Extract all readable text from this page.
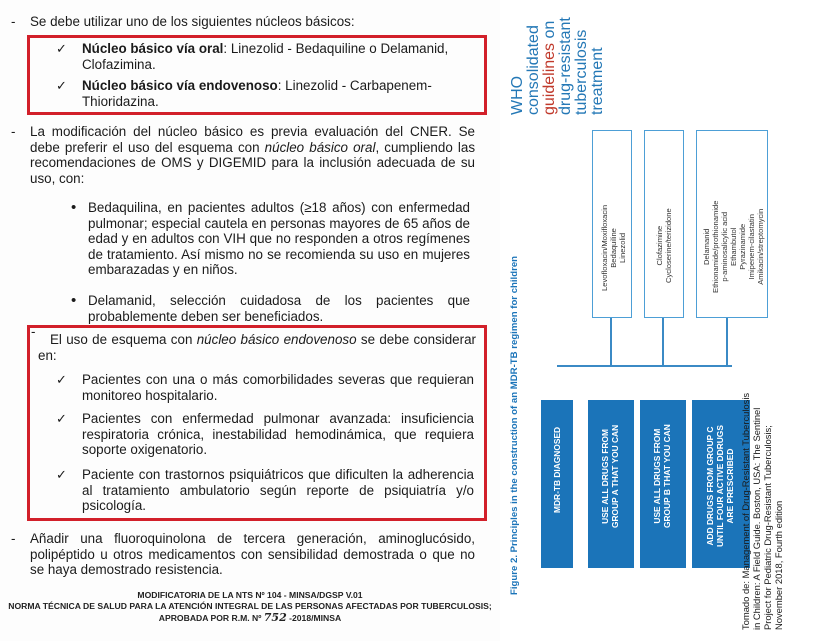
- Se debe utilizar uno de los siguientes núcleos básicos:
✓	Núcleo básico vía oral: Linezolid - Bedaquiline o Delamanid,
Clofazimina.
✓	Núcleo básico vía endovenoso: Linezolid - Carbapenem-
Thioridazina.
- La modificación del núcleo básico es previa evaluación del CNER. Se debe preferir el uso del esquema con núcleo básico oral, cumpliendo las recomendaciones de OMS y DIGEMID para la inclusión adecuada de su uso, con:
• Bedaquilina, en pacientes adultos (≥18 años) con enfermedad pulmonar; especial cautela en personas mayores de 65 años de edad y en adultos con VIH que no responden a otros regímenes de tratamiento. Así mismo no se recomienda su uso en mujeres embarazadas y en niños.
• Delamanid, selección cuidadosa de los pacientes que probablemente deben ser beneficiados.
-
El uso de esquema con núcleo básico endovenoso se debe considerar en:
✓	Pacientes con una o más comorbilidades severas que requieran monitoreo hospitalario.
✓	Pacientes con enfermedad pulmonar avanzada: insuficiencia respiratoria crónica, inestabilidad hemodinámica, que requiera soporte oxigenatorio.
✓	Paciente con trastornos psiquiátricos que dificulten la adherencia al tratamiento ambulatorio según reporte de psiquiatría y/o psicología.
- Añadir una fluoroquinolona de tercera generación, aminoglucósido, polipéptido u otros medicamentos con sensibilidad demostrada o que no se haya demostrado resistencia.
MODIFICATORIA DE LA NTS Nº 104 - MINSA/DGSP V.01
NORMA TÉCNICA DE SALUD PARA LA ATENCIÓN INTEGRAL DE LAS PERSONAS AFECTADAS POR TUBERCULOSIS;
APROBADA POR R.M. Nº 752 -2018/MINSA
WHO consolidated guidelines on drug-resistant tuberculosis treatment
Figure 2. Principles in the construction of an MDR-TB regimen for children	MDR-TB DIAGNOSED
USE ALL DRUGS FROM
GROUP A THAT YOU CAN
USE ALL DRUGS FROM
GROUP B THAT YOU CAN
ADD DRUGS FROM GROUP C
UNTIL FOUR ACTIVE DDRUGS
ARE PRESCRIBED
Levofloxacin/Moxifloxacin
Bedaquiline
Linezolid	Clofazimine
Cycloserine/terizidone	Delamanid
Ethionamide/prothionamide
p-aminosalicylic acid
Ethambutol
Pyrazinamide
Imipenem-cilastatin
Amikacin/streptomycin
Tomado de: Management of Drug-Resistant Tuberculosis
in Children: A Field Guide. Boston, USA: The Sentinel
Project for Pediatric Drug-Resistant Tuberculosis;
November 2018, Fourth edition
